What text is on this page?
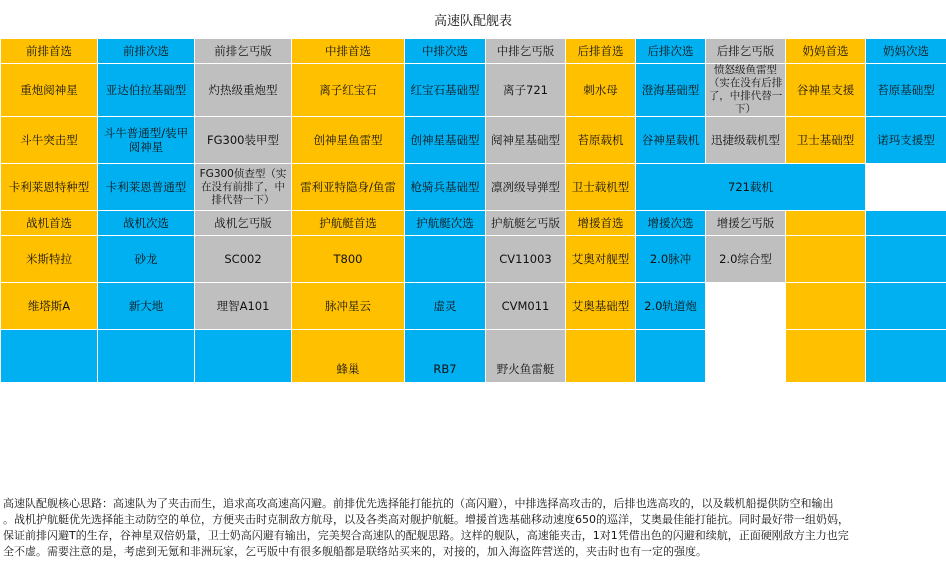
高速队配舰表
前排首选	前排次选	前排乞丐版	中排首选	中排次选	中排乞丐版	后排首选	后排次选	后排乞丐版	奶妈首选	奶妈次选	
重炮阅神星	亚达伯拉基础型	灼热级重炮型	离子红宝石	红宝石基础型	离子721	刺水母	澄海基础型	愤怒级鱼雷型（实在没有后排了，中排代替一下）	谷神星支援	苔原基础型	
斗牛突击型	斗牛普通型/装甲阅神星	FG300装甲型	创神星鱼雷型	创神星基础型	阋神星基础型	苔原载机	谷神星载机	迅捷级载机型	卫士基础型	诺玛支援型	
卡利莱恩特种型	卡利莱恩普通型	FG300侦查型（实在没有前排了，中排代替一下）	雷利亚特隐身/鱼雷	枪骑兵基础型	凛冽级导弹型	卫士载机型	721载机				
战机首选	战机次选	战机乞丐版	护航艇首选	护航艇次选	护航艇乞丐版	增援首选	增援次选	增援乞丐版			
米斯特拉	砂龙	SC002	T800		CV11003	艾奥对舰型	2.0脉冲	2.0综合型			
维塔斯A	新大地	理智A101	脉冲星云	虚灵	CVM011	艾奥基础型	2.0轨道炮				
			蜂巢	RB7	野火鱼雷艇						

高速队配舰核心思路：高速队为了夹击而生，追求高攻高速高闪避。前排优先选择能打能抗的（高闪避），中排选择高攻击的，后排也选高攻的，以及载机船提供防空和输出

。战机护航艇优先选择能主动防空的单位，方便夹击时克制敌方航母，以及各类高对舰护航艇。增援首选基础移动速度650的巡洋，艾奥最佳能打能抗。同时最好带一组奶妈，

保证前排闪避T的生存，谷神星双倍奶量，卫士奶高闪避有输出，完美契合高速队的配舰思路。这样的舰队，高速能夹击，1对1凭借出色的闪避和续航，正面硬刚敌方主力也完

全不虚。需要注意的是，考虑到无氪和非洲玩家，乞丐版中有很多舰船都是联络站买来的，对接的，加入海盗阵营送的，夹击时也有一定的强度。
